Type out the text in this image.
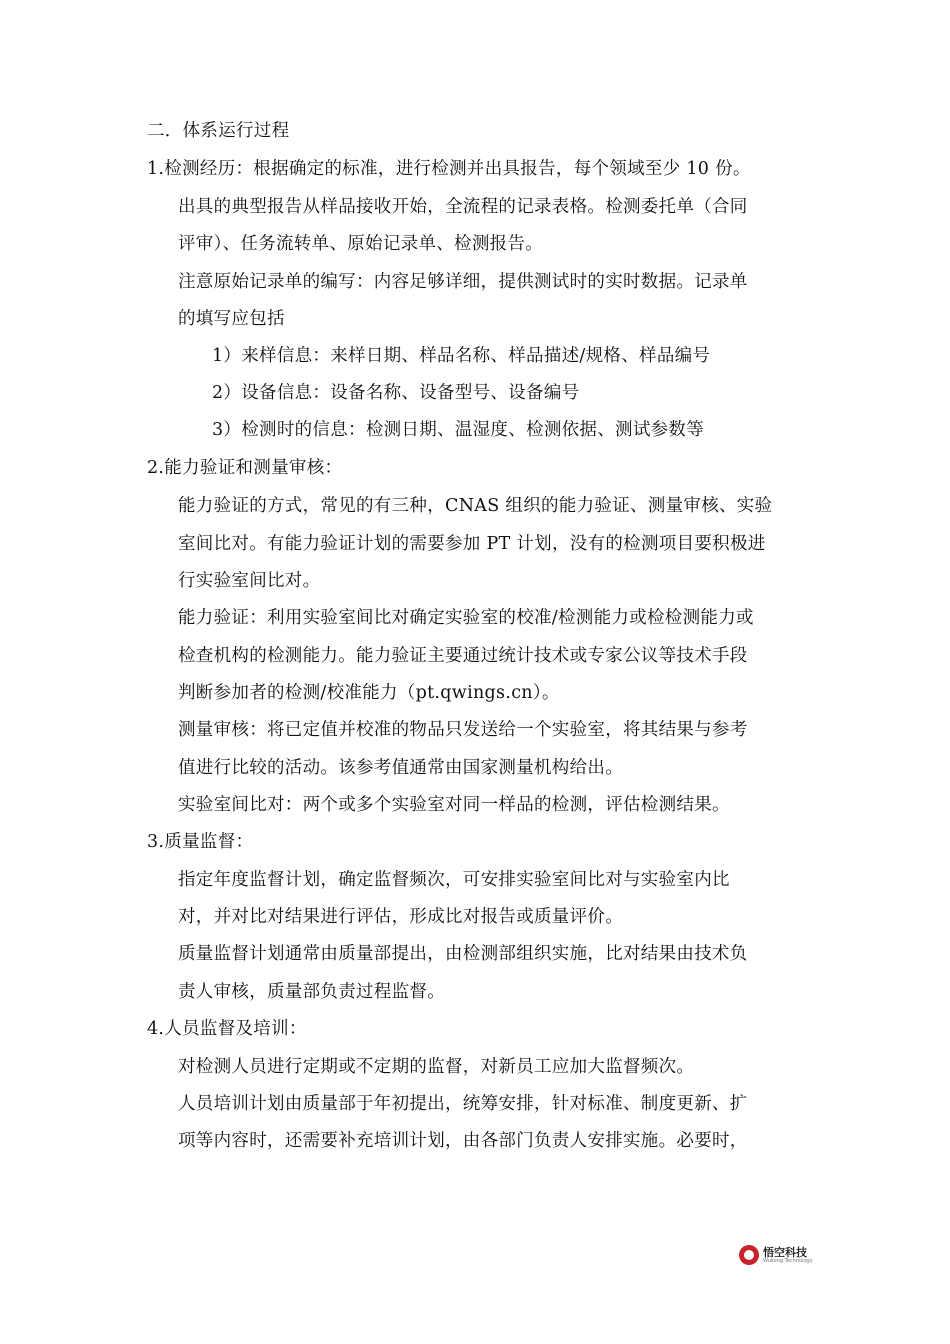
二．体系运行过程
1.检测经历：根据确定的标准，进行检测并出具报告，每个领域至少 10 份。
出具的典型报告从样品接收开始，全流程的记录表格。检测委托单（合同
评审）、任务流转单、原始记录单、检测报告。
注意原始记录单的编写：内容足够详细，提供测试时的实时数据。记录单
的填写应包括
1）来样信息：来样日期、样品名称、样品描述/规格、样品编号
2）设备信息：设备名称、设备型号、设备编号
3）检测时的信息：检测日期、温湿度、检测依据、测试参数等
2.能力验证和测量审核：
能力验证的方式，常见的有三种，CNAS 组织的能力验证、测量审核、实验
室间比对。有能力验证计划的需要参加 PT 计划，没有的检测项目要积极进
行实验室间比对。
能力验证：利用实验室间比对确定实验室的校准/检测能力或检检测能力或
检查机构的检测能力。能力验证主要通过统计技术或专家公议等技术手段
判断参加者的检测/校准能力（pt.qwings.cn）。
测量审核：将已定值并校准的物品只发送给一个实验室，将其结果与参考
值进行比较的活动。该参考值通常由国家测量机构给出。
实验室间比对：两个或多个实验室对同一样品的检测，评估检测结果。
3.质量监督：
指定年度监督计划，确定监督频次，可安排实验室间比对与实验室内比
对，并对比对结果进行评估，形成比对报告或质量评价。
质量监督计划通常由质量部提出，由检测部组织实施，比对结果由技术负
责人审核，质量部负责过程监督。
4.人员监督及培训：
对检测人员进行定期或不定期的监督，对新员工应加大监督频次。
人员培训计划由质量部于年初提出，统筹安排，针对标准、制度更新、扩
项等内容时，还需要补充培训计划，由各部门负责人安排实施。必要时，
悟空科技
Wukong Technology
